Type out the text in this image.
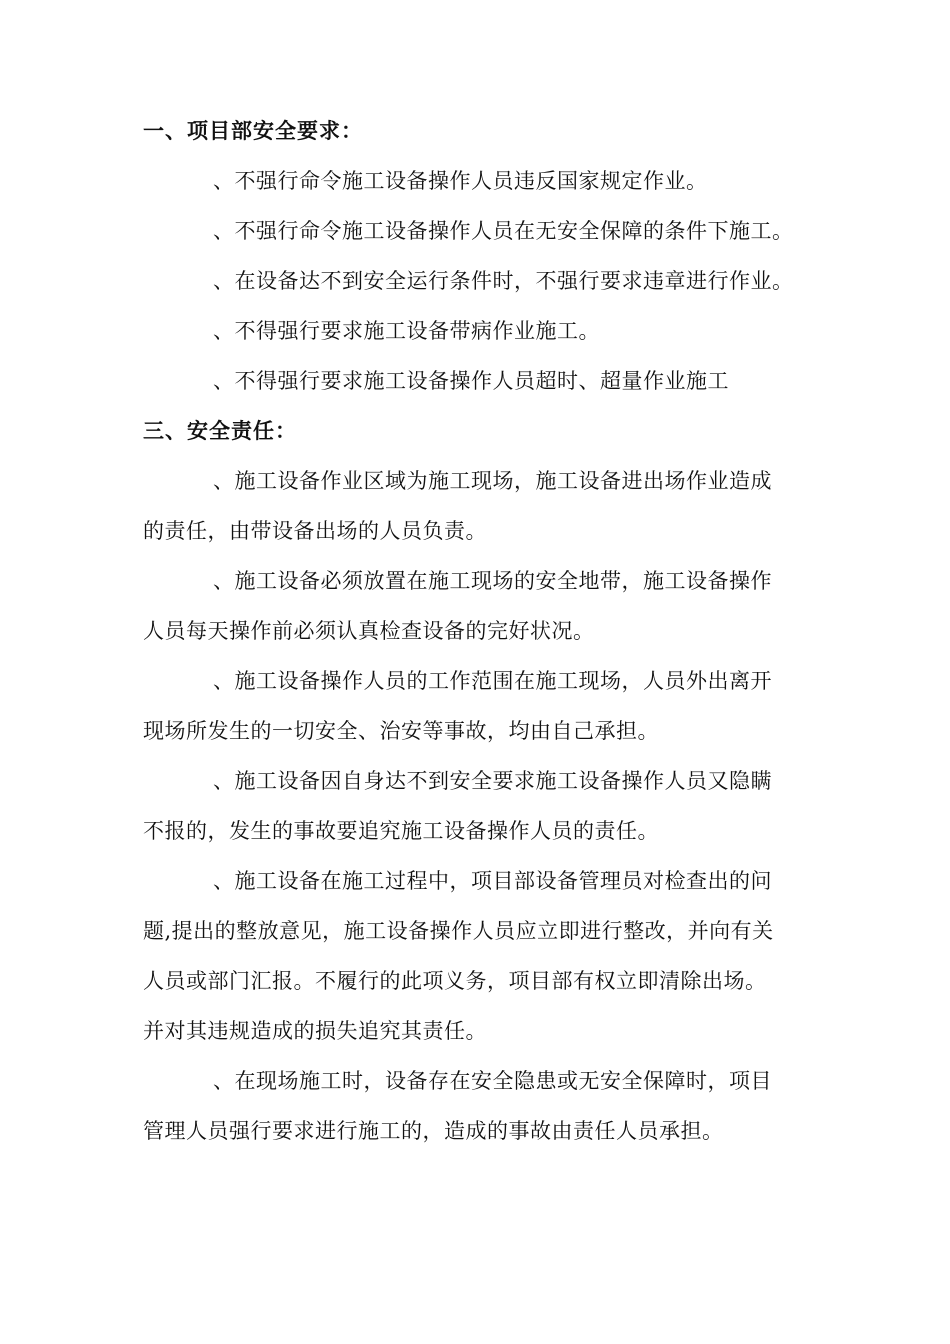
一、项目部安全要求：
、不强行命令施工设备操作人员违反国家规定作业。
、不强行命令施工设备操作人员在无安全保障的条件下施工。
、在设备达不到安全运行条件时，不强行要求违章进行作业。
、不得强行要求施工设备带病作业施工。
、不得强行要求施工设备操作人员超时、超量作业施工
三、安全责任：
、施工设备作业区域为施工现场，施工设备进出场作业造成
的责任，由带设备出场的人员负责。
、施工设备必须放置在施工现场的安全地带，施工设备操作
人员每天操作前必须认真检查设备的完好状况。
、施工设备操作人员的工作范围在施工现场，人员外出离开
现场所发生的一切安全、治安等事故，均由自己承担。
、施工设备因自身达不到安全要求施工设备操作人员又隐瞒
不报的，发生的事故要追究施工设备操作人员的责任。
、施工设备在施工过程中，项目部设备管理员对检查出的问
题,提出的整放意见，施工设备操作人员应立即进行整改，并向有关
人员或部门汇报。不履行的此项义务，项目部有权立即清除出场。
并对其违规造成的损失追究其责任。
、在现场施工时，设备存在安全隐患或无安全保障时，项目
管理人员强行要求进行施工的，造成的事故由责任人员承担。
